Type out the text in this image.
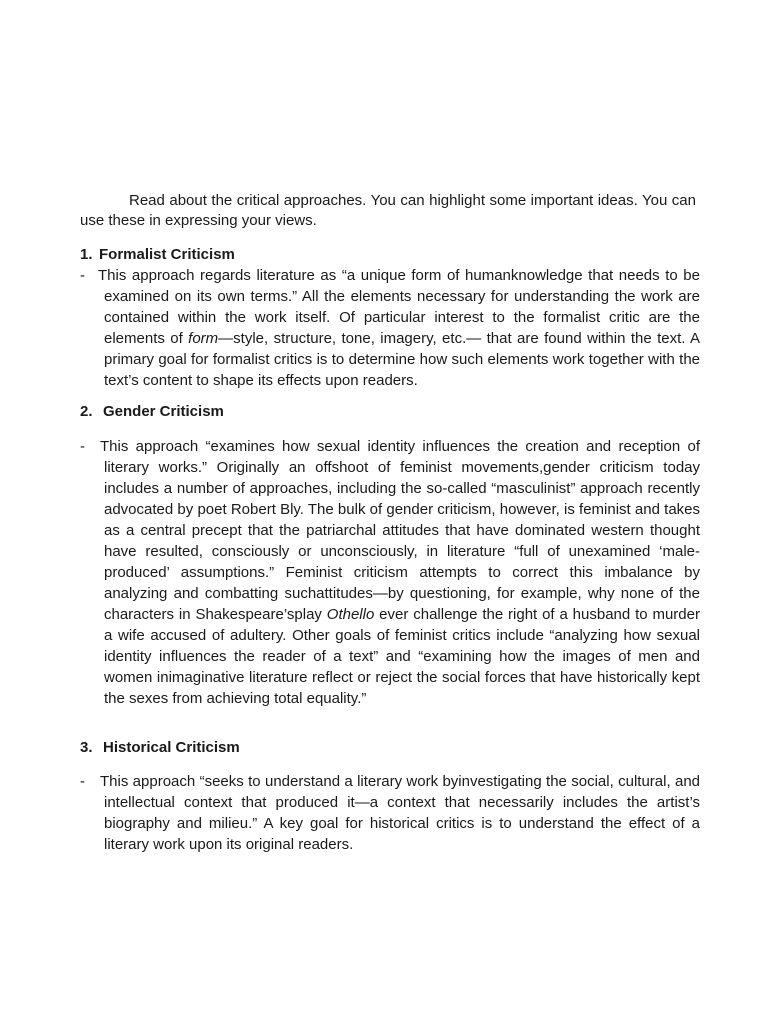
Read about the critical approaches. You can highlight some important ideas. You can use these in expressing your views.

1. Formalist Criticism

- This approach regards literature as “a unique form of humanknowledge that needs to be examined on its own terms.” All the elements necessary for understanding the work are contained within the work itself. Of particular interest to the formalist critic are the elements of form—style, structure, tone, imagery, etc.— that are found within the text. A primary goal for formalist critics is to determine how such elements work together with the text’s content to shape its effects upon readers.

2. Gender Criticism

-	This approach “examines how sexual identity influences the creation and reception of literary works.” Originally an offshoot of feminist movements,gender criticism today includes a number of approaches, including the so-called “masculinist” approach recently advocated by poet Robert Bly. The bulk of gender criticism, however, is feminist and takes as a central precept that the patriarchal attitudes that have dominated western thought have resulted, consciously or unconsciously, in literature “full of unexamined ‘male-produced’ assumptions.” Feminist criticism attempts to correct this imbalance by analyzing and combatting suchattitudes—by questioning, for example, why none of the characters in Shakespeare’splay Othello ever challenge the right of a husband to murder a wife accused of adultery. Other goals of feminist critics include “analyzing how sexual identity influences the reader of a text” and “examining how the images of men and women inimaginative literature reflect or reject the social forces that have historically kept the sexes from achieving total equality.”

3. Historical Criticism

-	This approach “seeks to understand a literary work byinvestigating the social, cultural, and intellectual context that produced it—a context that necessarily includes the artist’s biography and milieu.” A key goal for historical critics is to understand the effect of a literary work upon its original readers.
